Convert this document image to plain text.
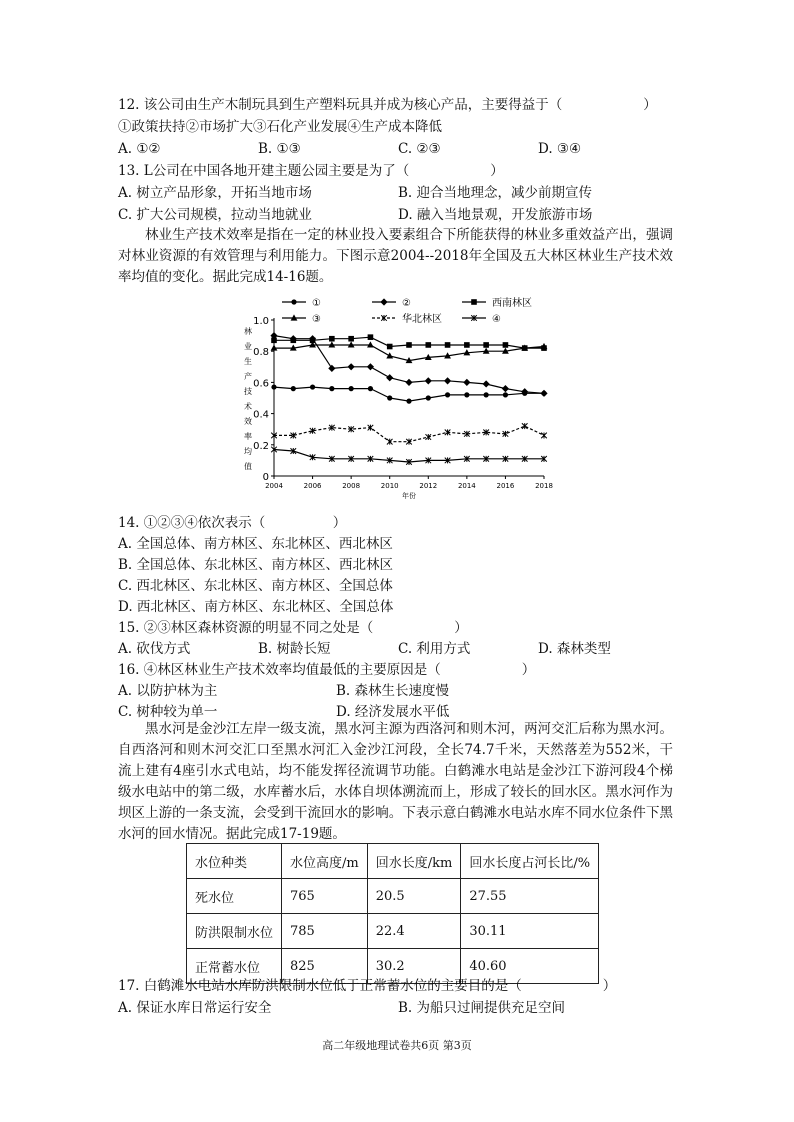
12. 该公司由生产木制玩具到生产塑料玩具并成为核心产品，主要得益于（　　　　　　）
①政策扶持②市场扩大③石化产业发展④生产成本降低
A. ①②	B. ①③	C. ②③	D. ③④
13. L公司在中国各地开建主题公园主要是为了（　　　　　　）
A. 树立产品形象，开拓当地市场	B. 迎合当地理念，减少前期宣传
C. 扩大公司规模，拉动当地就业	D. 融入当地景观，开发旅游市场
林业生产技术效率是指在一定的林业投入要素组合下所能获得的林业多重效益产出，强调对林业资源的有效管理与利用能力。下图示意2004--2018年全国及五大林区林业生产技术效率均值的变化。据此完成14-16题。
①	②	西南林区
③	华北林区	④
林
业
生
产
技
术
效
率
均
值
0
0.2
0.4
0.6
0.8
1.0
2004	2006	2008	2010	2012	2014	2016	2018
年份
14. ①②③④依次表示（　　　　　）
A. 全国总体、南方林区、东北林区、西北林区
B. 全国总体、东北林区、南方林区、西北林区
C. 西北林区、东北林区、南方林区、全国总体
D. 西北林区、南方林区、东北林区、全国总体
15. ②③林区森林资源的明显不同之处是（　　　　　　）
A. 砍伐方式	B. 树龄长短	C. 利用方式	D. 森林类型
16. ④林区林业生产技术效率均值最低的主要原因是（　　　　　　）
A. 以防护林为主	B. 森林生长速度慢
C. 树种较为单一	D. 经济发展水平低
黑水河是金沙江左岸一级支流，黑水河主源为西洛河和则木河，两河交汇后称为黑水河。自西洛河和则木河交汇口至黑水河汇入金沙江河段，全长74.7千米，天然落差为552米，干流上建有4座引水式电站，均不能发挥径流调节功能。白鹤滩水电站是金沙江下游河段4个梯级水电站中的第二级，水库蓄水后，水体自坝体溯流而上，形成了较长的回水区。黑水河作为坝区上游的一条支流，会受到干流回水的影响。下表示意白鹤滩水电站水库不同水位条件下黑水河的回水情况。据此完成17-19题。
水位种类	水位高度/m	回水长度/km	回水长度占河长比/%
死水位	765	20.5	27.55
防洪限制水位	785	22.4	30.11
正常蓄水位	825	30.2	40.60
17. 白鹤滩水电站水库防洪限制水位低于正常蓄水位的主要目的是（　　　　　　）
A. 保证水库日常运行安全	B. 为船只过闸提供充足空间
高二年级地理试卷共6页 第3页
